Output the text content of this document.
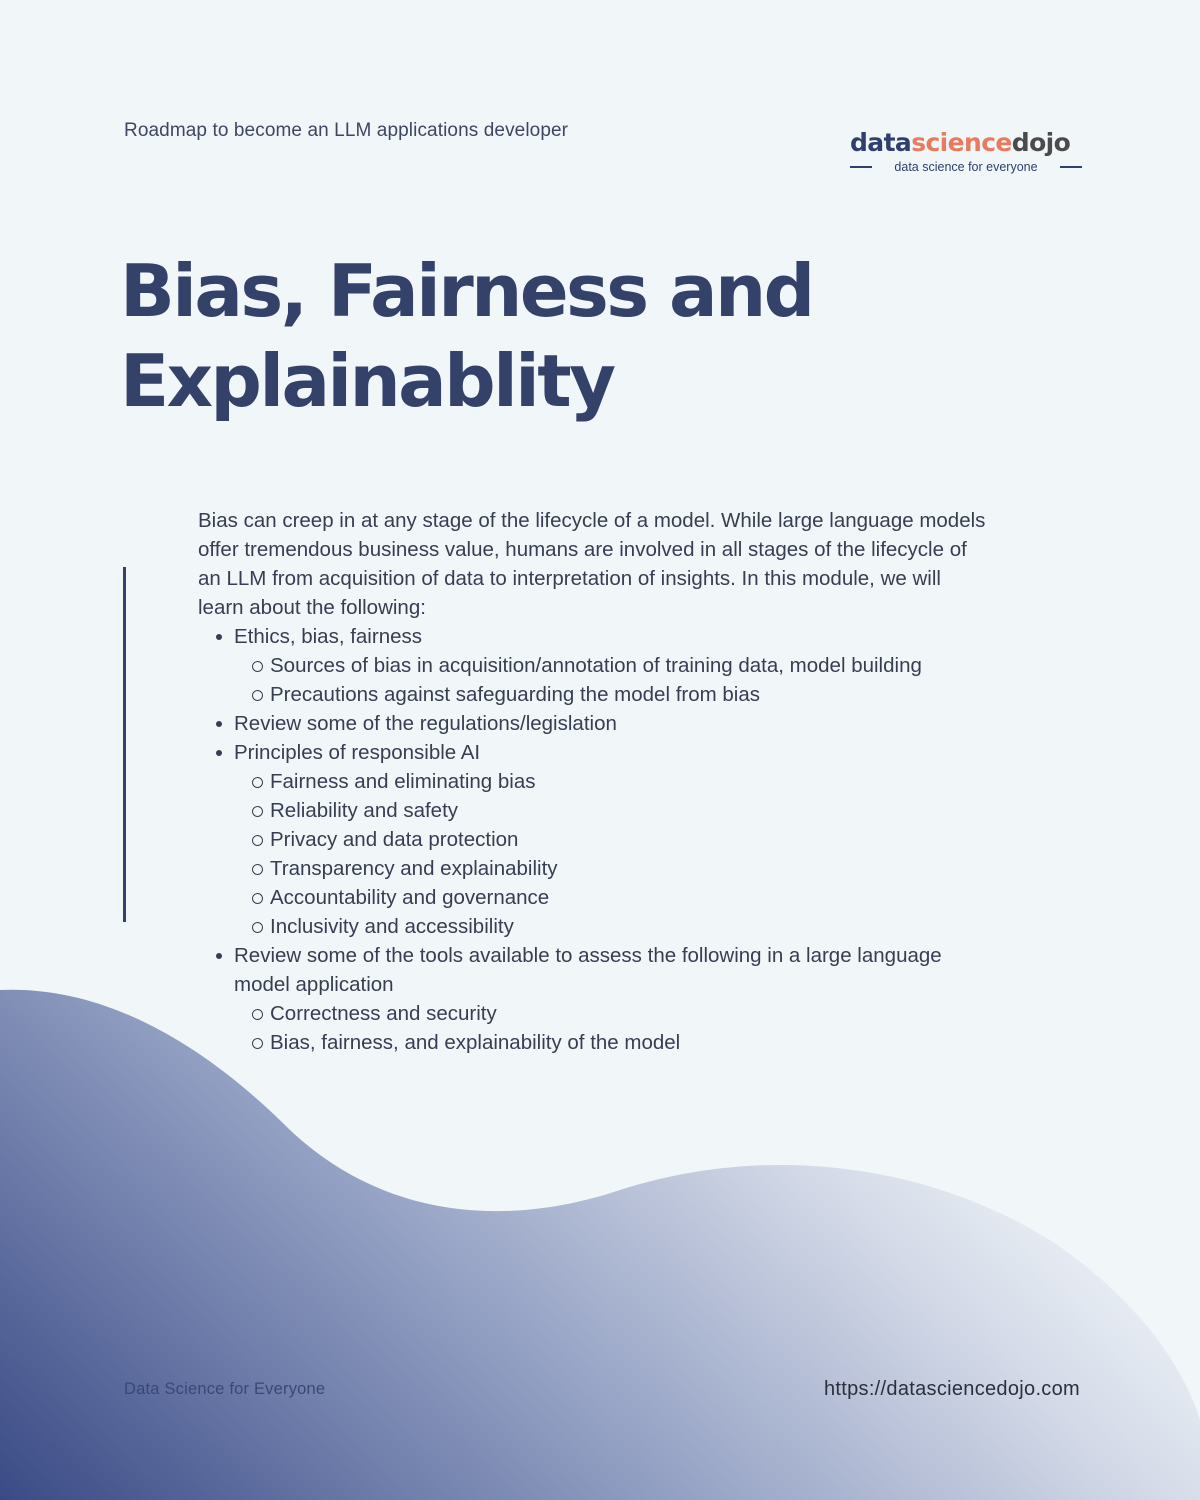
Roadmap to become an LLM applications developer	datasciencedojo
data science for everyone
Bias, Fairness and
Explainablity

Bias can creep in at any stage of the lifecycle of a model. While large language models offer tremendous business value, humans are involved in all stages of the lifecycle of an LLM from acquisition of data to interpretation of insights. In this module, we will learn about the following:

Ethics, bias, fairness
Sources of bias in acquisition/annotation of training data, model building
Precautions against safeguarding the model from bias
Review some of the regulations/legislation
Principles of responsible AI
Fairness and eliminating bias
Reliability and safety
Privacy and data protection
Transparency and explainability
Accountability and governance
Inclusivity and accessibility
Review some of the tools available to assess the following in a large language model application
Correctness and security
Bias, fairness, and explainability of the model
Data Science for Everyone	https://datasciencedojo.com
